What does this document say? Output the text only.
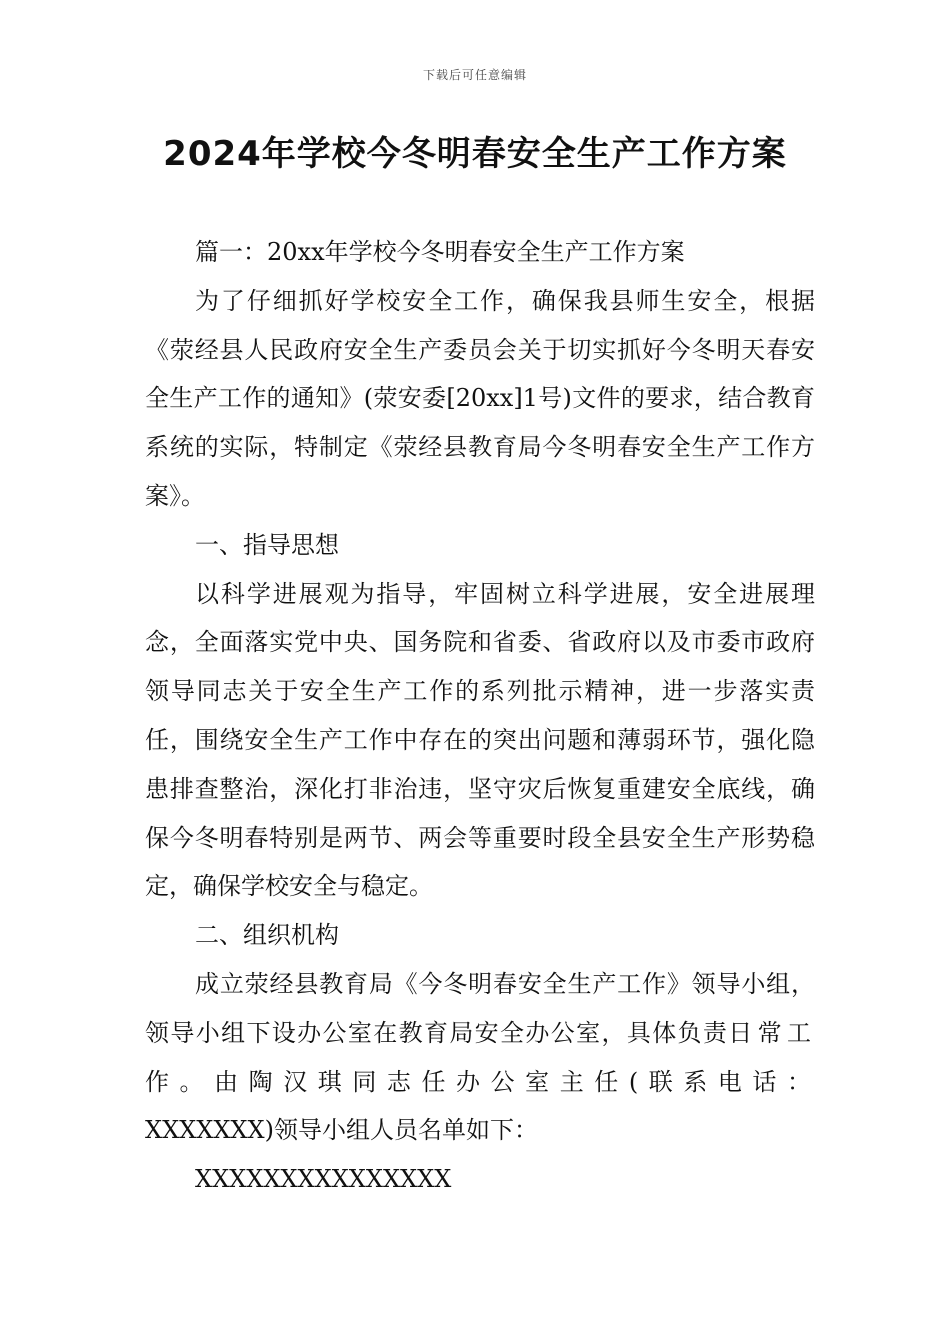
下载后可任意编辑
2024年学校今冬明春安全生产工作方案

篇一：20xx年学校今冬明春安全生产工作方案

为了仔细抓好学校安全工作，确保我县师生安全，根据《荥经县人民政府安全生产委员会关于切实抓好今冬明天春安全生产工作的通知》(荥安委[20xx]1号)文件的要求，结合教育系统的实际，特制定《荥经县教育局今冬明春安全生产工作方案》。

一、指导思想

以科学进展观为指导，牢固树立科学进展，安全进展理念，全面落实党中央、国务院和省委、省政府以及市委市政府领导同志关于安全生产工作的系列批示精神，进一步落实责任，围绕安全生产工作中存在的突出问题和薄弱环节，强化隐患排查整治，深化打非治违，坚守灾后恢复重建安全底线，确保今冬明春特别是两节、两会等重要时段全县安全生产形势稳定，确保学校安全与稳定。

二、组织机构

成立荥经县教育局《今冬明春安全生产工作》领导小组，领导小组下设办公室在教育局安全办公室，具体负责日常工作。由陶汉琪同志任办公室主任(联系电话：XXXXXXX)领导小组人员名单如下：

XXXXXXXXXXXXXXX
